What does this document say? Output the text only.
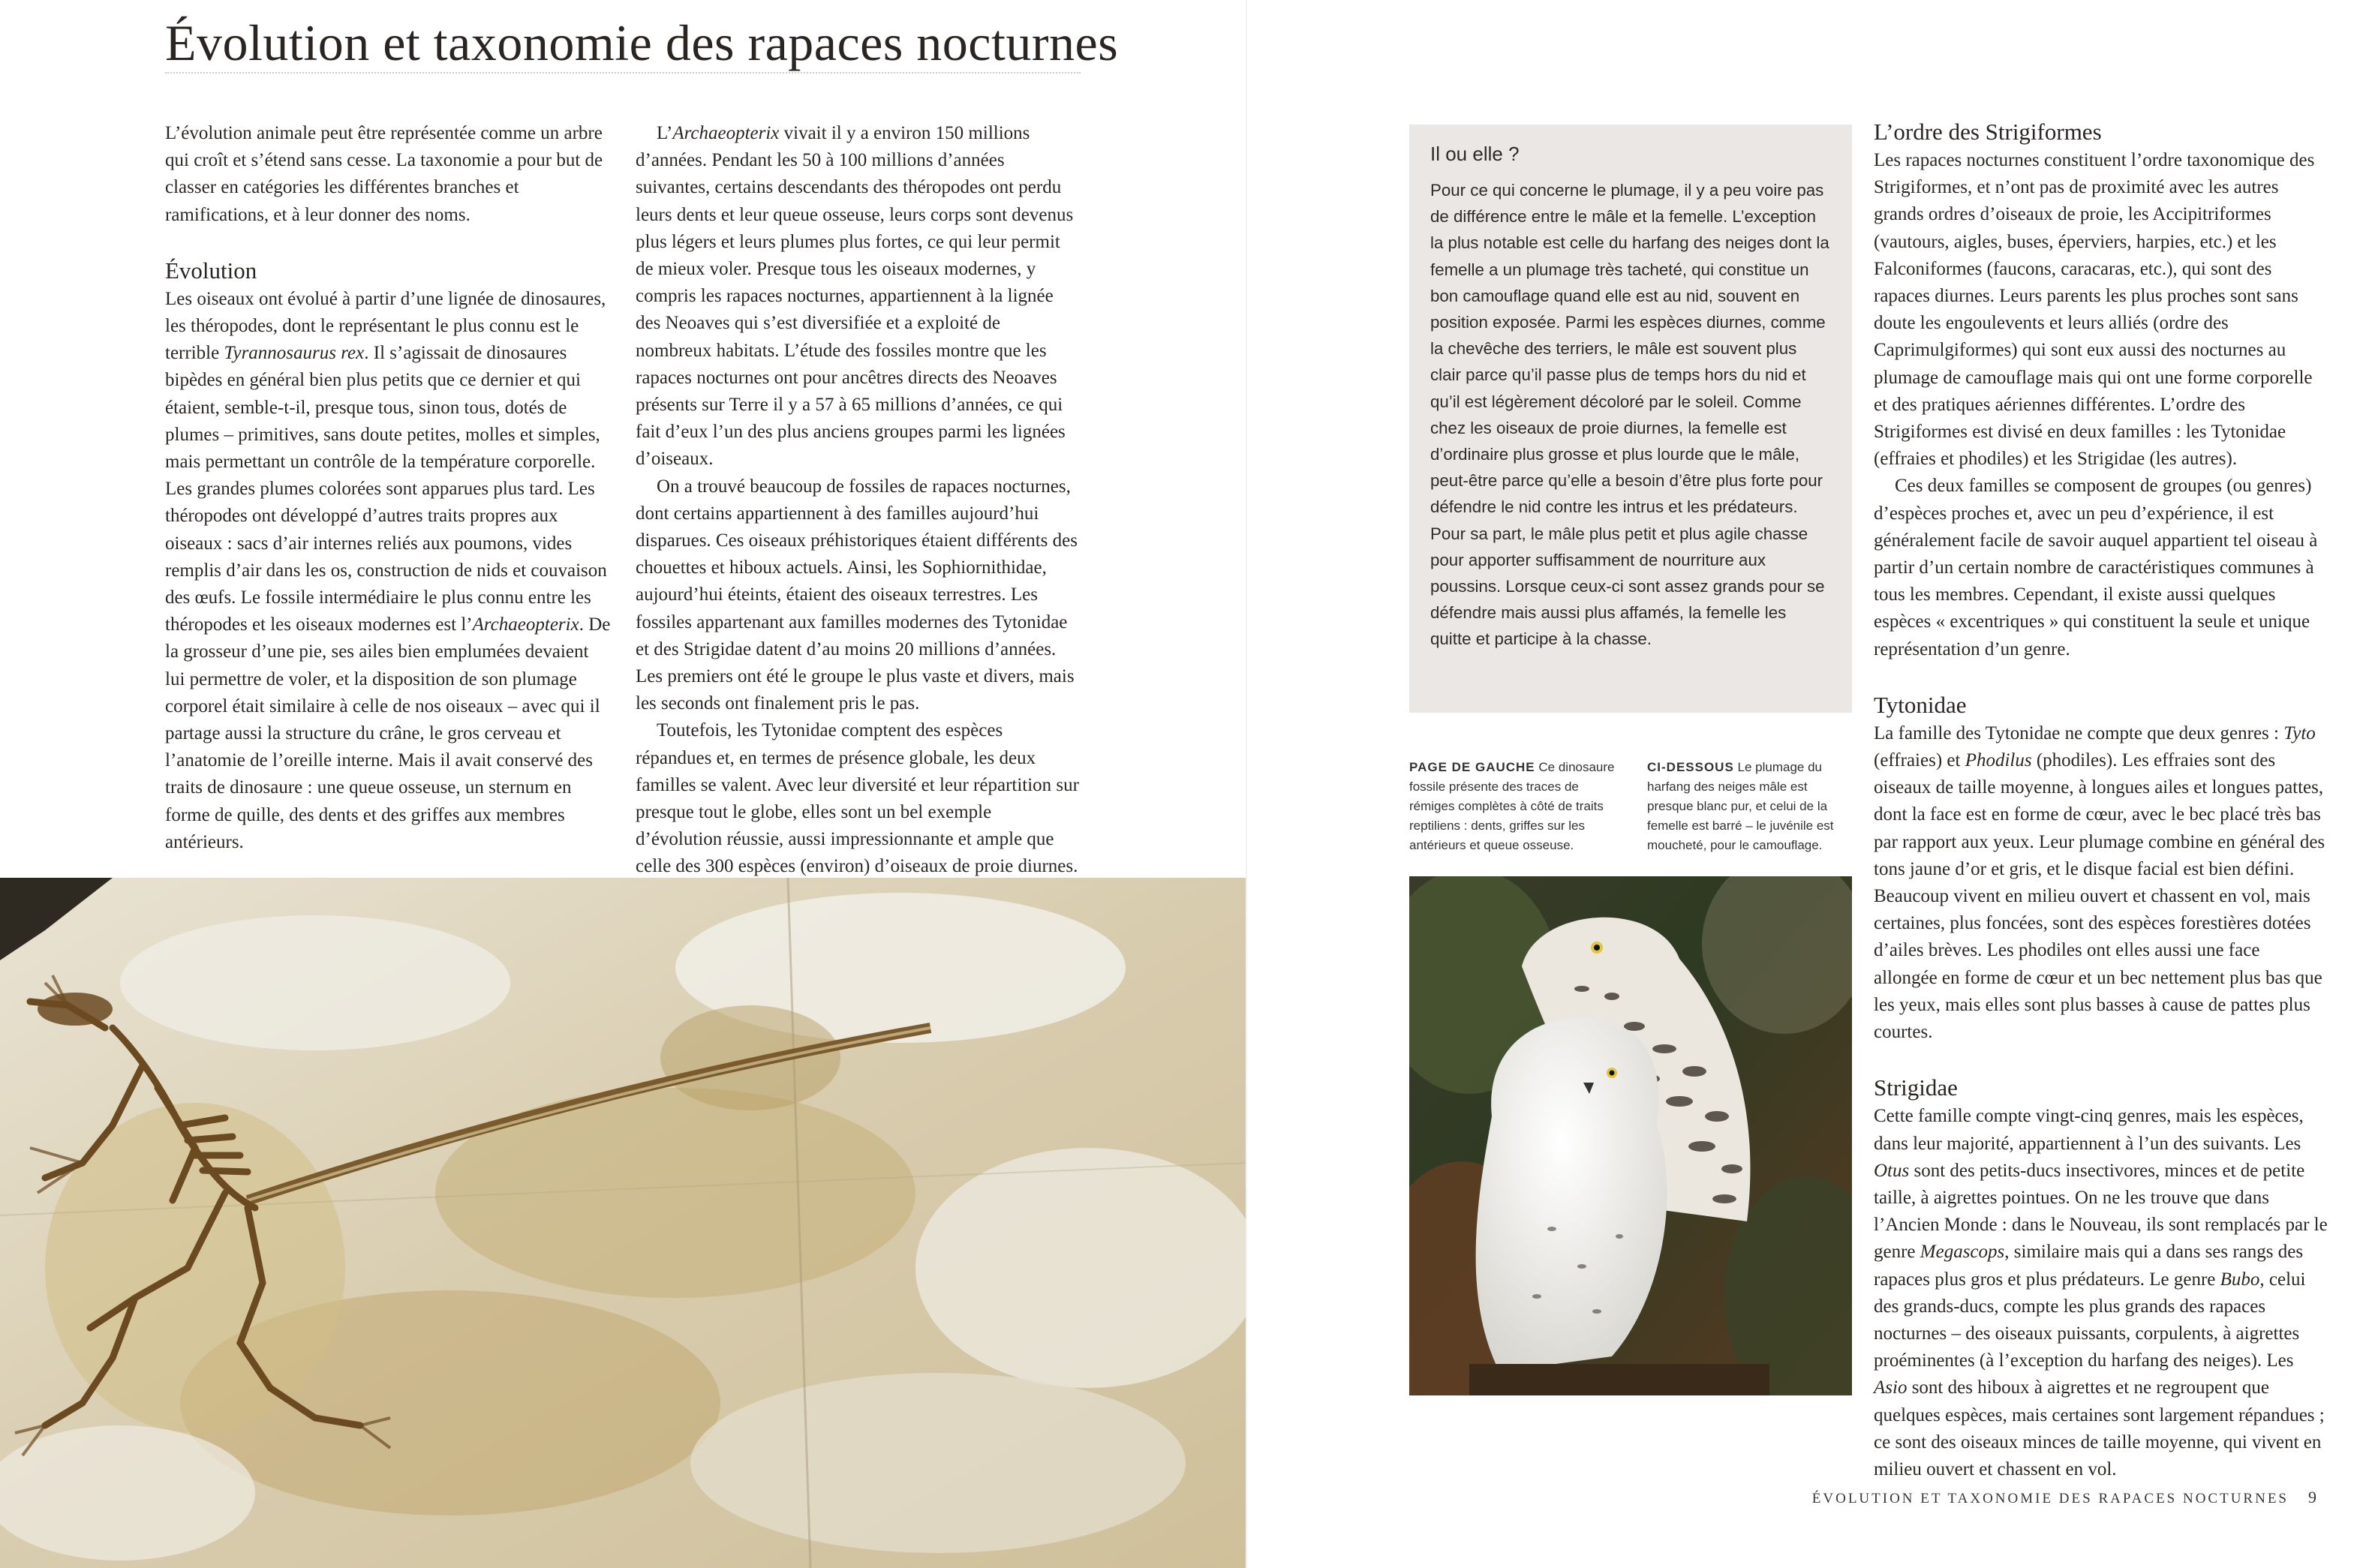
Évolution et taxonomie des rapaces nocturnes

L’évolution animale peut être représentée comme un arbre qui croît et s’étend sans cesse. La taxonomie a pour but de classer en catégories les différentes branches et ramifications, et à leur donner des noms.

Évolution

Les oiseaux ont évolué à partir d’une lignée de dinosaures, les théropodes, dont le représentant le plus connu est le terrible Tyrannosaurus rex. Il s’agissait de dinosaures bipèdes en général bien plus petits que ce dernier et qui étaient, semble-t-il, presque tous, sinon tous, dotés de plumes – primitives, sans doute petites, molles et simples, mais permettant un contrôle de la température corporelle. Les grandes plumes colorées sont apparues plus tard. Les théropodes ont développé d’autres traits propres aux oiseaux : sacs d’air internes reliés aux poumons, vides remplis d’air dans les os, construction de nids et couvaison des œufs. Le fossile intermédiaire le plus connu entre les théropodes et les oiseaux modernes est l’Archaeopterix. De la grosseur d’une pie, ses ailes bien emplumées devaient lui permettre de voler, et la disposition de son plumage corporel était similaire à celle de nos oiseaux – avec qui il partage aussi la structure du crâne, le gros cerveau et l’anatomie de l’oreille interne. Mais il avait conservé des traits de dinosaure : une queue osseuse, un sternum en forme de quille, des dents et des griffes aux membres antérieurs.

L’Archaeopterix vivait il y a environ 150 millions d’années. Pendant les 50 à 100 millions d’années suivantes, certains descendants des théropodes ont perdu leurs dents et leur queue osseuse, leurs corps sont devenus plus légers et leurs plumes plus fortes, ce qui leur permit de mieux voler. Presque tous les oiseaux modernes, y compris les rapaces nocturnes, appartiennent à la lignée des Neoaves qui s’est diversifiée et a exploité de nombreux habitats. L’étude des fossiles montre que les rapaces nocturnes ont pour ancêtres directs des Neoaves présents sur Terre il y a 57 à 65 millions d’années, ce qui fait d’eux l’un des plus anciens groupes parmi les lignées d’oiseaux.

On a trouvé beaucoup de fossiles de rapaces nocturnes, dont certains appartiennent à des familles aujourd’hui disparues. Ces oiseaux préhistoriques étaient différents des chouettes et hiboux actuels. Ainsi, les Sophiornithidae, aujourd’hui éteints, étaient des oiseaux terrestres. Les fossiles appartenant aux familles modernes des Tytonidae et des Strigidae datent d’au moins 20 millions d’années. Les premiers ont été le groupe le plus vaste et divers, mais les seconds ont finalement pris le pas.

Toutefois, les Tytonidae comptent des espèces répandues et, en termes de présence globale, les deux familles se valent. Avec leur diversité et leur répartition sur presque tout le globe, elles sont un bel exemple d’évolution réussie, aussi impressionnante et ample que celle des 300 espèces (environ) d’oiseaux de proie diurnes.

Il ou elle ?

Pour ce qui concerne le plumage, il y a peu voire pas de différence entre le mâle et la femelle. L’exception la plus notable est celle du harfang des neiges dont la femelle a un plumage très tacheté, qui constitue un bon camouflage quand elle est au nid, souvent en position exposée. Parmi les espèces diurnes, comme la chevêche des terriers, le mâle est souvent plus clair parce qu’il passe plus de temps hors du nid et qu’il est légèrement décoloré par le soleil. Comme chez les oiseaux de proie diurnes, la femelle est d’ordinaire plus grosse et plus lourde que le mâle, peut-être parce qu’elle a besoin d’être plus forte pour défendre le nid contre les intrus et les prédateurs. Pour sa part, le mâle plus petit et plus agile chasse pour apporter suffisamment de nourriture aux poussins. Lorsque ceux-ci sont assez grands pour se défendre mais aussi plus affamés, la femelle les quitte et participe à la chasse.

PAGE DE GAUCHE Ce dinosaure fossile présente des traces de rémiges complètes à côté de traits reptiliens : dents, griffes sur les antérieurs et queue osseuse.
CI-DESSOUS Le plumage du harfang des neiges mâle est presque blanc pur, et celui de la femelle est barré – le juvénile est moucheté, pour le camouflage.
L’ordre des Strigiformes

Les rapaces nocturnes constituent l’ordre taxonomique des Strigiformes, et n’ont pas de proximité avec les autres grands ordres d’oiseaux de proie, les Accipitriformes (vautours, aigles, buses, éperviers, harpies, etc.) et les Falconiformes (faucons, caracaras, etc.), qui sont des rapaces diurnes. Leurs parents les plus proches sont sans doute les engoulevents et leurs alliés (ordre des Caprimulgiformes) qui sont eux aussi des nocturnes au plumage de camouflage mais qui ont une forme corporelle et des pratiques aériennes différentes. L’ordre des Strigiformes est divisé en deux familles : les Tytonidae (effraies et phodiles) et les Strigidae (les autres).

Ces deux familles se composent de groupes (ou genres) d’espèces proches et, avec un peu d’expérience, il est généralement facile de savoir auquel appartient tel oiseau à partir d’un certain nombre de caractéristiques communes à tous les membres. Cependant, il existe aussi quelques espèces « excentriques » qui constituent la seule et unique représentation d’un genre.

Tytonidae

La famille des Tytonidae ne compte que deux genres : Tyto (effraies) et Phodilus (phodiles). Les effraies sont des oiseaux de taille moyenne, à longues ailes et longues pattes, dont la face est en forme de cœur, avec le bec placé très bas par rapport aux yeux. Leur plumage combine en général des tons jaune d’or et gris, et le disque facial est bien défini. Beaucoup vivent en milieu ouvert et chassent en vol, mais certaines, plus foncées, sont des espèces forestières dotées d’ailes brèves. Les phodiles ont elles aussi une face allongée en forme de cœur et un bec nettement plus bas que les yeux, mais elles sont plus basses à cause de pattes plus courtes.

Strigidae

Cette famille compte vingt-cinq genres, mais les espèces, dans leur majorité, appartiennent à l’un des suivants. Les Otus sont des petits-ducs insectivores, minces et de petite taille, à aigrettes pointues. On ne les trouve que dans l’Ancien Monde : dans le Nouveau, ils sont remplacés par le genre Megascops, similaire mais qui a dans ses rangs des rapaces plus gros et plus prédateurs. Le genre Bubo, celui des grands-ducs, compte les plus grands des rapaces nocturnes – des oiseaux puissants, corpulents, à aigrettes proéminentes (à l’exception du harfang des neiges). Les Asio sont des hiboux à aigrettes et ne regroupent que quelques espèces, mais certaines sont largement répandues ; ce sont des oiseaux minces de taille moyenne, qui vivent en milieu ouvert et chassent en vol.

ÉVOLUTION ET TAXONOMIE DES RAPACES NOCTURNES 9
